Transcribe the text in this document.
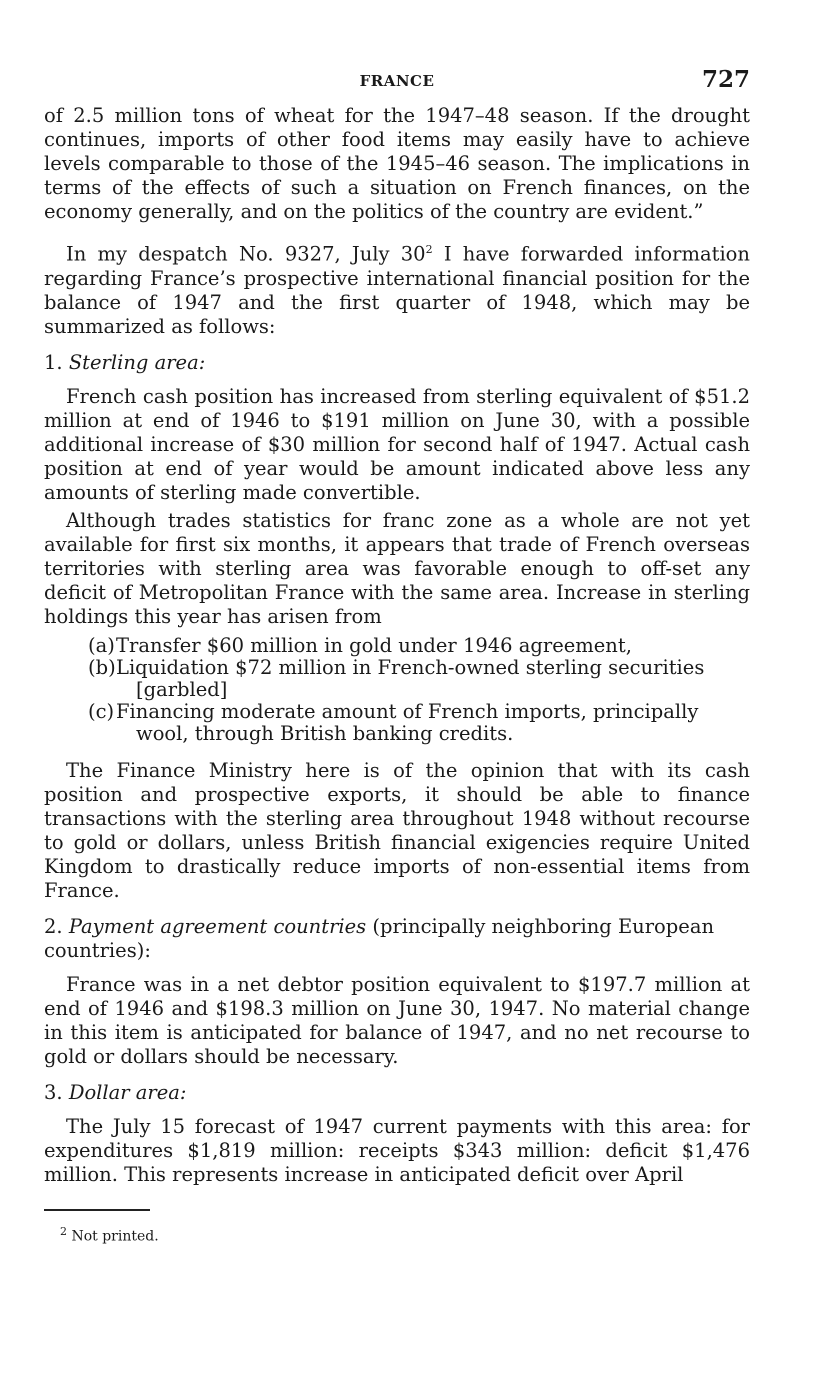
FRANCE	727

of 2.5 million tons of wheat for the 1947–48 season. If the drought continues, imports of other food items may easily have to achieve levels comparable to those of the 1945–46 season. The implications in terms of the effects of such a situation on French finances, on the economy generally, and on the politics of the country are evident.”

In my despatch No. 9327, July $30^2$ I have forwarded information regarding France’s prospective international financial position for the balance of 1947 and the first quarter of 1948, which may be summarized as follows:

1. Sterling area:

French cash position has increased from sterling equivalent of $51.2 million at end of 1946 to $191 million on June 30, with a possible additional increase of $30 million for second half of 1947. Actual cash position at end of year would be amount indicated above less any amounts of sterling made convertible.

Although trades statistics for franc zone as a whole are not yet available for first six months, it appears that trade of French overseas territories with sterling area was favorable enough to off-set any deficit of Metropolitan France with the same area. Increase in sterling holdings this year has arisen from

(a)Transfer $60 million in gold under 1946 agreement,
(b)Liquidation $72 million in French-owned sterling securities [garbled]
(c)Financing moderate amount of French imports, principally wool, through British banking credits.

The Finance Ministry here is of the opinion that with its cash position and prospective exports, it should be able to finance transactions with the sterling area throughout 1948 without recourse to gold or dollars, unless British financial exigencies require United Kingdom to drastically reduce imports of non-essential items from France.

2. Payment agreement countries (principally neighboring European countries):

France was in a net debtor position equivalent to $197.7 million at end of 1946 and $198.3 million on June 30, 1947. No material change in this item is anticipated for balance of 1947, and no net recourse to gold or dollars should be necessary.

3. Dollar area:

The July 15 forecast of 1947 current payments with this area: for expenditures $1,819 million: receipts $343 million: deficit $1,476 million. This represents increase in anticipated deficit over April

$^2$ Not printed.
